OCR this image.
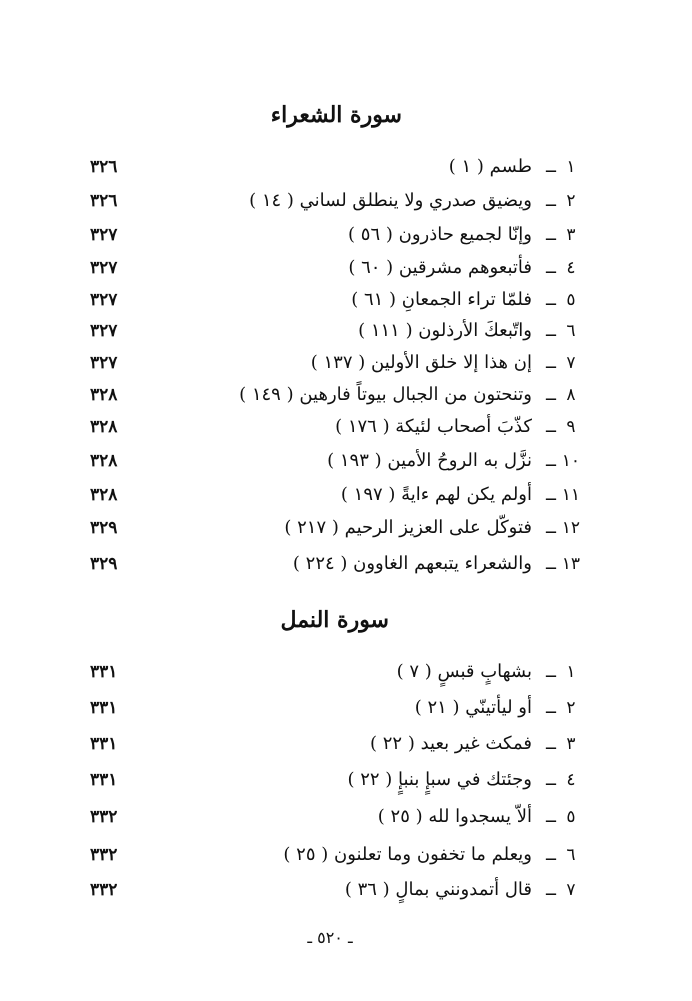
سورة الشعراء
١
ــ
طسم ( ١ )
٣٢٦
٢
ــ
ويضيق صدري ولا ينطلق لساني ( ١٤ )
٣٢٦
٣
ــ
وإنّا لجميع حاذرون ( ٥٦ )
٣٢٧
٤
ــ
فأتبعوهم مشرقين ( ٦٠ )
٣٢٧
٥
ــ
فلمّا تراء الجمعانِ ( ٦١ )
٣٢٧
٦
ــ
واتّبعكَ الأرذلون ( ١١١ )
٣٢٧
٧
ــ
إن هذا إلا خلق الأولين ( ١٣٧ )
٣٢٧
٨
ــ
وتنحتون من الجبال بيوتاً فارهين ( ١٤٩ )
٣٢٨
٩
ــ
كذّبَ أصحاب لئيكة ( ١٧٦ )
٣٢٨
١٠
ــ
نزَّل به الروحُ الأمين ( ١٩٣ )
٣٢٨
١١
ــ
أولم يكن لهم ءايةً ( ١٩٧ )
٣٢٨
١٢
ــ
فتوكّل على العزيز الرحيم ( ٢١٧ )
٣٢٩
١٣
ــ
والشعراء يتبعهم الغاوون ( ٢٢٤ )
٣٢٩
سورة النمل
١
ــ
بشهابٍ قبسٍ ( ٧ )
٣٣١
٢
ــ
أو ليأتينّي ( ٢١ )
٣٣١
٣
ــ
فمكث غير بعيد ( ٢٢ )
٣٣١
٤
ــ
وجئتك في سبإٍ بنبإٍ ( ٢٢ )
٣٣١
٥
ــ
ألاّ يسجدوا لله ( ٢٥ )
٣٣٢
٦
ــ
ويعلم ما تخفون وما تعلنون ( ٢٥ )
٣٣٢
٧
ــ
قال أتمدونني بمالٍ ( ٣٦ )
٣٣٢
ـ ٥٢٠ ـ
